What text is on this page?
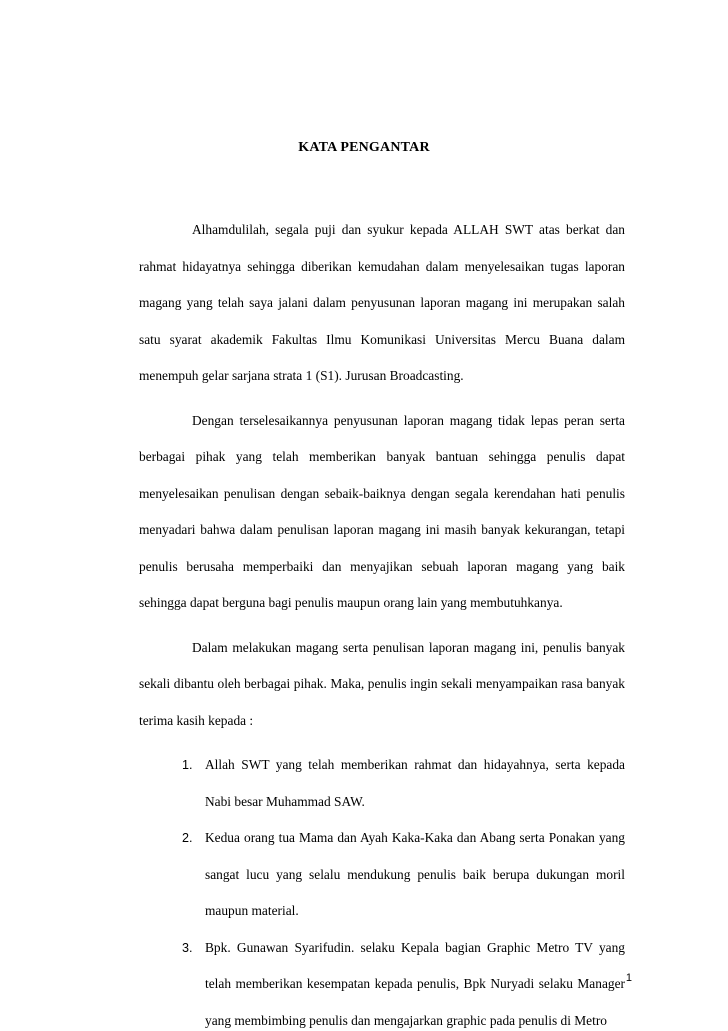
KATA PENGANTAR

Alhamdulilah, segala puji dan syukur kepada ALLAH SWT atas berkat dan rahmat hidayatnya sehingga diberikan kemudahan dalam menyelesaikan tugas laporan magang yang telah saya jalani dalam penyusunan laporan magang ini merupakan salah satu syarat akademik Fakultas Ilmu Komunikasi Universitas Mercu Buana dalam menempuh gelar sarjana strata 1 (S1). Jurusan Broadcasting.

Dengan terselesaikannya penyusunan laporan magang tidak lepas peran serta berbagai pihak yang telah memberikan banyak bantuan sehingga penulis dapat menyelesaikan penulisan dengan sebaik-baiknya dengan segala kerendahan hati penulis menyadari bahwa dalam penulisan laporan magang ini masih banyak kekurangan, tetapi penulis berusaha memperbaiki dan menyajikan sebuah laporan magang yang baik sehingga dapat berguna bagi penulis maupun orang lain yang membutuhkanya.

Dalam melakukan magang serta penulisan laporan magang ini, penulis banyak sekali dibantu oleh berbagai pihak. Maka, penulis ingin sekali menyampaikan rasa banyak terima kasih kepada :

1. Allah SWT yang telah memberikan rahmat dan hidayahnya, serta kepada Nabi besar Muhammad SAW.
2. Kedua orang tua Mama dan Ayah Kaka-Kaka dan Abang serta Ponakan yang sangat lucu yang selalu mendukung penulis baik berupa dukungan moril maupun material.
3. Bpk. Gunawan Syarifudin. selaku Kepala bagian Graphic Metro TV yang telah memberikan kesempatan kepada penulis, Bpk Nuryadi selaku Manager yang membimbing penulis dan mengajarkan graphic pada penulis di Metro
1
